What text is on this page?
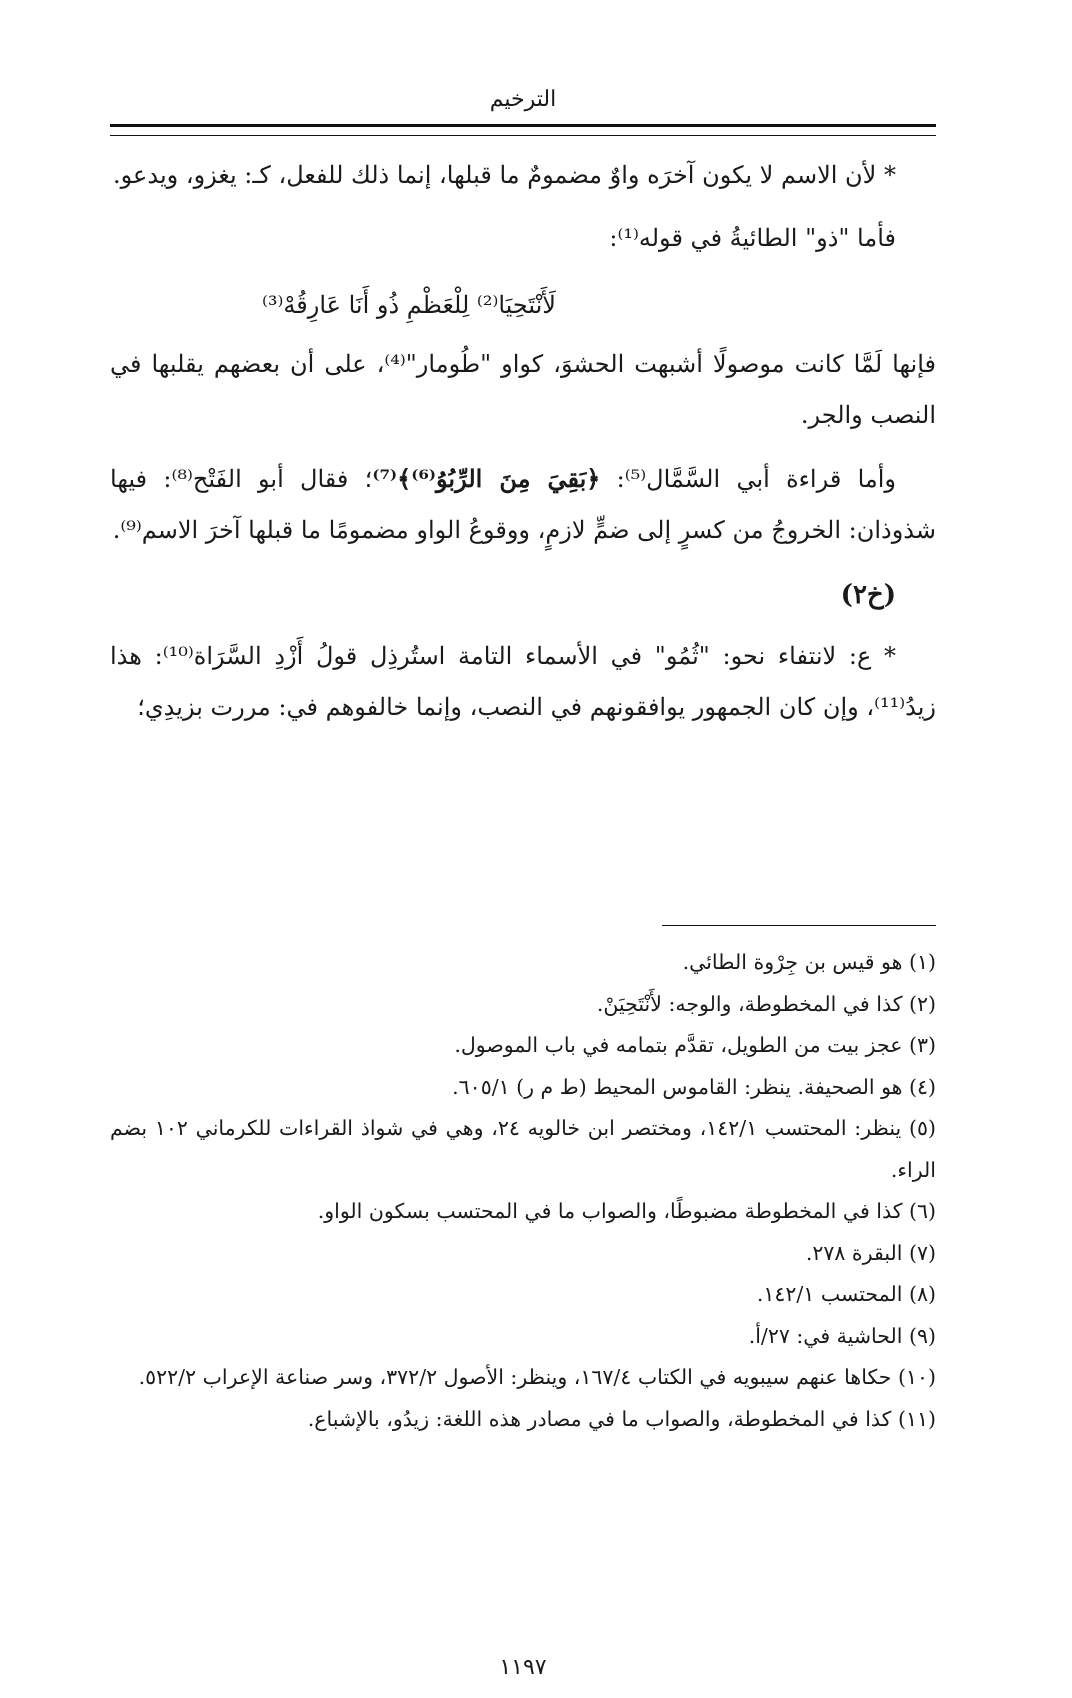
الترخيم

* لأن الاسم لا يكون آخرَه واوٌ مضمومٌ ما قبلها، إنما ذلك للفعل، كـ: يغزو، ويدعو.

فأما "ذو" الطائيةُ في قوله⁽¹⁾:

لَأَنْتَحِيَا⁽²⁾ لِلْعَظْمِ ذُو أَنَا عَارِقُهْ⁽³⁾

فإنها لَمَّا كانت موصولًا أشبهت الحشوَ، كواو "طُومار"⁽⁴⁾، على أن بعضهم يقلبها في النصب والجر.

وأما قراءة أبي السَّمَّال⁽⁵⁾: ﴿بَقِيَ مِنَ الرِّبُوُ⁽⁶⁾﴾⁽⁷⁾؛ فقال أبو الفَتْح⁽⁸⁾: فيها شذوذان: الخروجُ من كسرٍ إلى ضمٍّ لازمٍ، ووقوعُ الواو مضمومًا ما قبلها آخرَ الاسم⁽⁹⁾.

(خ٢)

* ع: لانتفاء نحو: "ثُمُو" في الأسماء التامة استُرذِل قولُ أَزْدِ السَّرَاة⁽¹⁰⁾: هذا زيدُ⁽¹¹⁾، وإن كان الجمهور يوافقونهم في النصب، وإنما خالفوهم في: مررت بزيدِي؛

(١) هو قيس بن جِرْوة الطائي.

(٢) كذا في المخطوطة، والوجه: لأَنْتَحِيَنْ.

(٣) عجز بيت من الطويل، تقدَّم بتمامه في باب الموصول.

(٤) هو الصحيفة. ينظر: القاموس المحيط (ط م ر) ٦٠٥/١.

(٥) ينظر: المحتسب ١٤٢/١، ومختصر ابن خالويه ٢٤، وهي في شواذ القراءات للكرماني ١٠٢ بضم الراء.

(٦) كذا في المخطوطة مضبوطًا، والصواب ما في المحتسب بسكون الواو.

(٧) البقرة ٢٧٨.

(٨) المحتسب ١٤٢/١.

(٩) الحاشية في: ٢٧/أ.

(١٠) حكاها عنهم سيبويه في الكتاب ١٦٧/٤، وينظر: الأصول ٣٧٢/٢، وسر صناعة الإعراب ٥٢٢/٢.

(١١) كذا في المخطوطة، والصواب ما في مصادر هذه اللغة: زيدُو، بالإشباع.

١١٩٧
